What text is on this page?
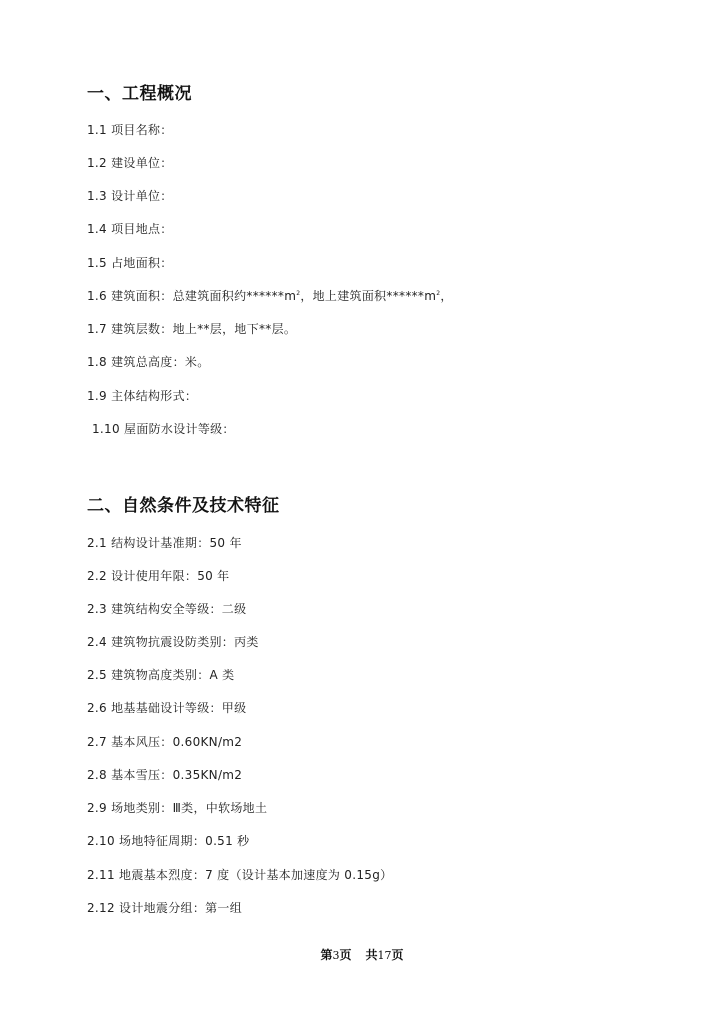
一、工程概况
1.1 项目名称：
1.2 建设单位：
1.3 设计单位：
1.4 项目地点：
1.5 占地面积：
1.6 建筑面积：总建筑面积约$******m^2$，地上建筑面积$******m^2$，
1.7 建筑层数：地上**层，地下**层。
1.8 建筑总高度：米。
1.9 主体结构形式：
1.10 屋面防水设计等级：
二、自然条件及技术特征
2.1 结构设计基准期：50 年
2.2 设计使用年限：50 年
2.3 建筑结构安全等级：二级
2.4 建筑物抗震设防类别：丙类
2.5 建筑物高度类别：A 类
2.6 地基基础设计等级：甲级
2.7 基本风压：0.60KN/m2
2.8 基本雪压：0.35KN/m2
2.9 场地类别：Ⅲ类，中软场地土
2.10 场地特征周期：0.51 秒
2.11 地震基本烈度：7 度（设计基本加速度为 0.15g）
2.12 设计地震分组：第一组
第3页 共17页
